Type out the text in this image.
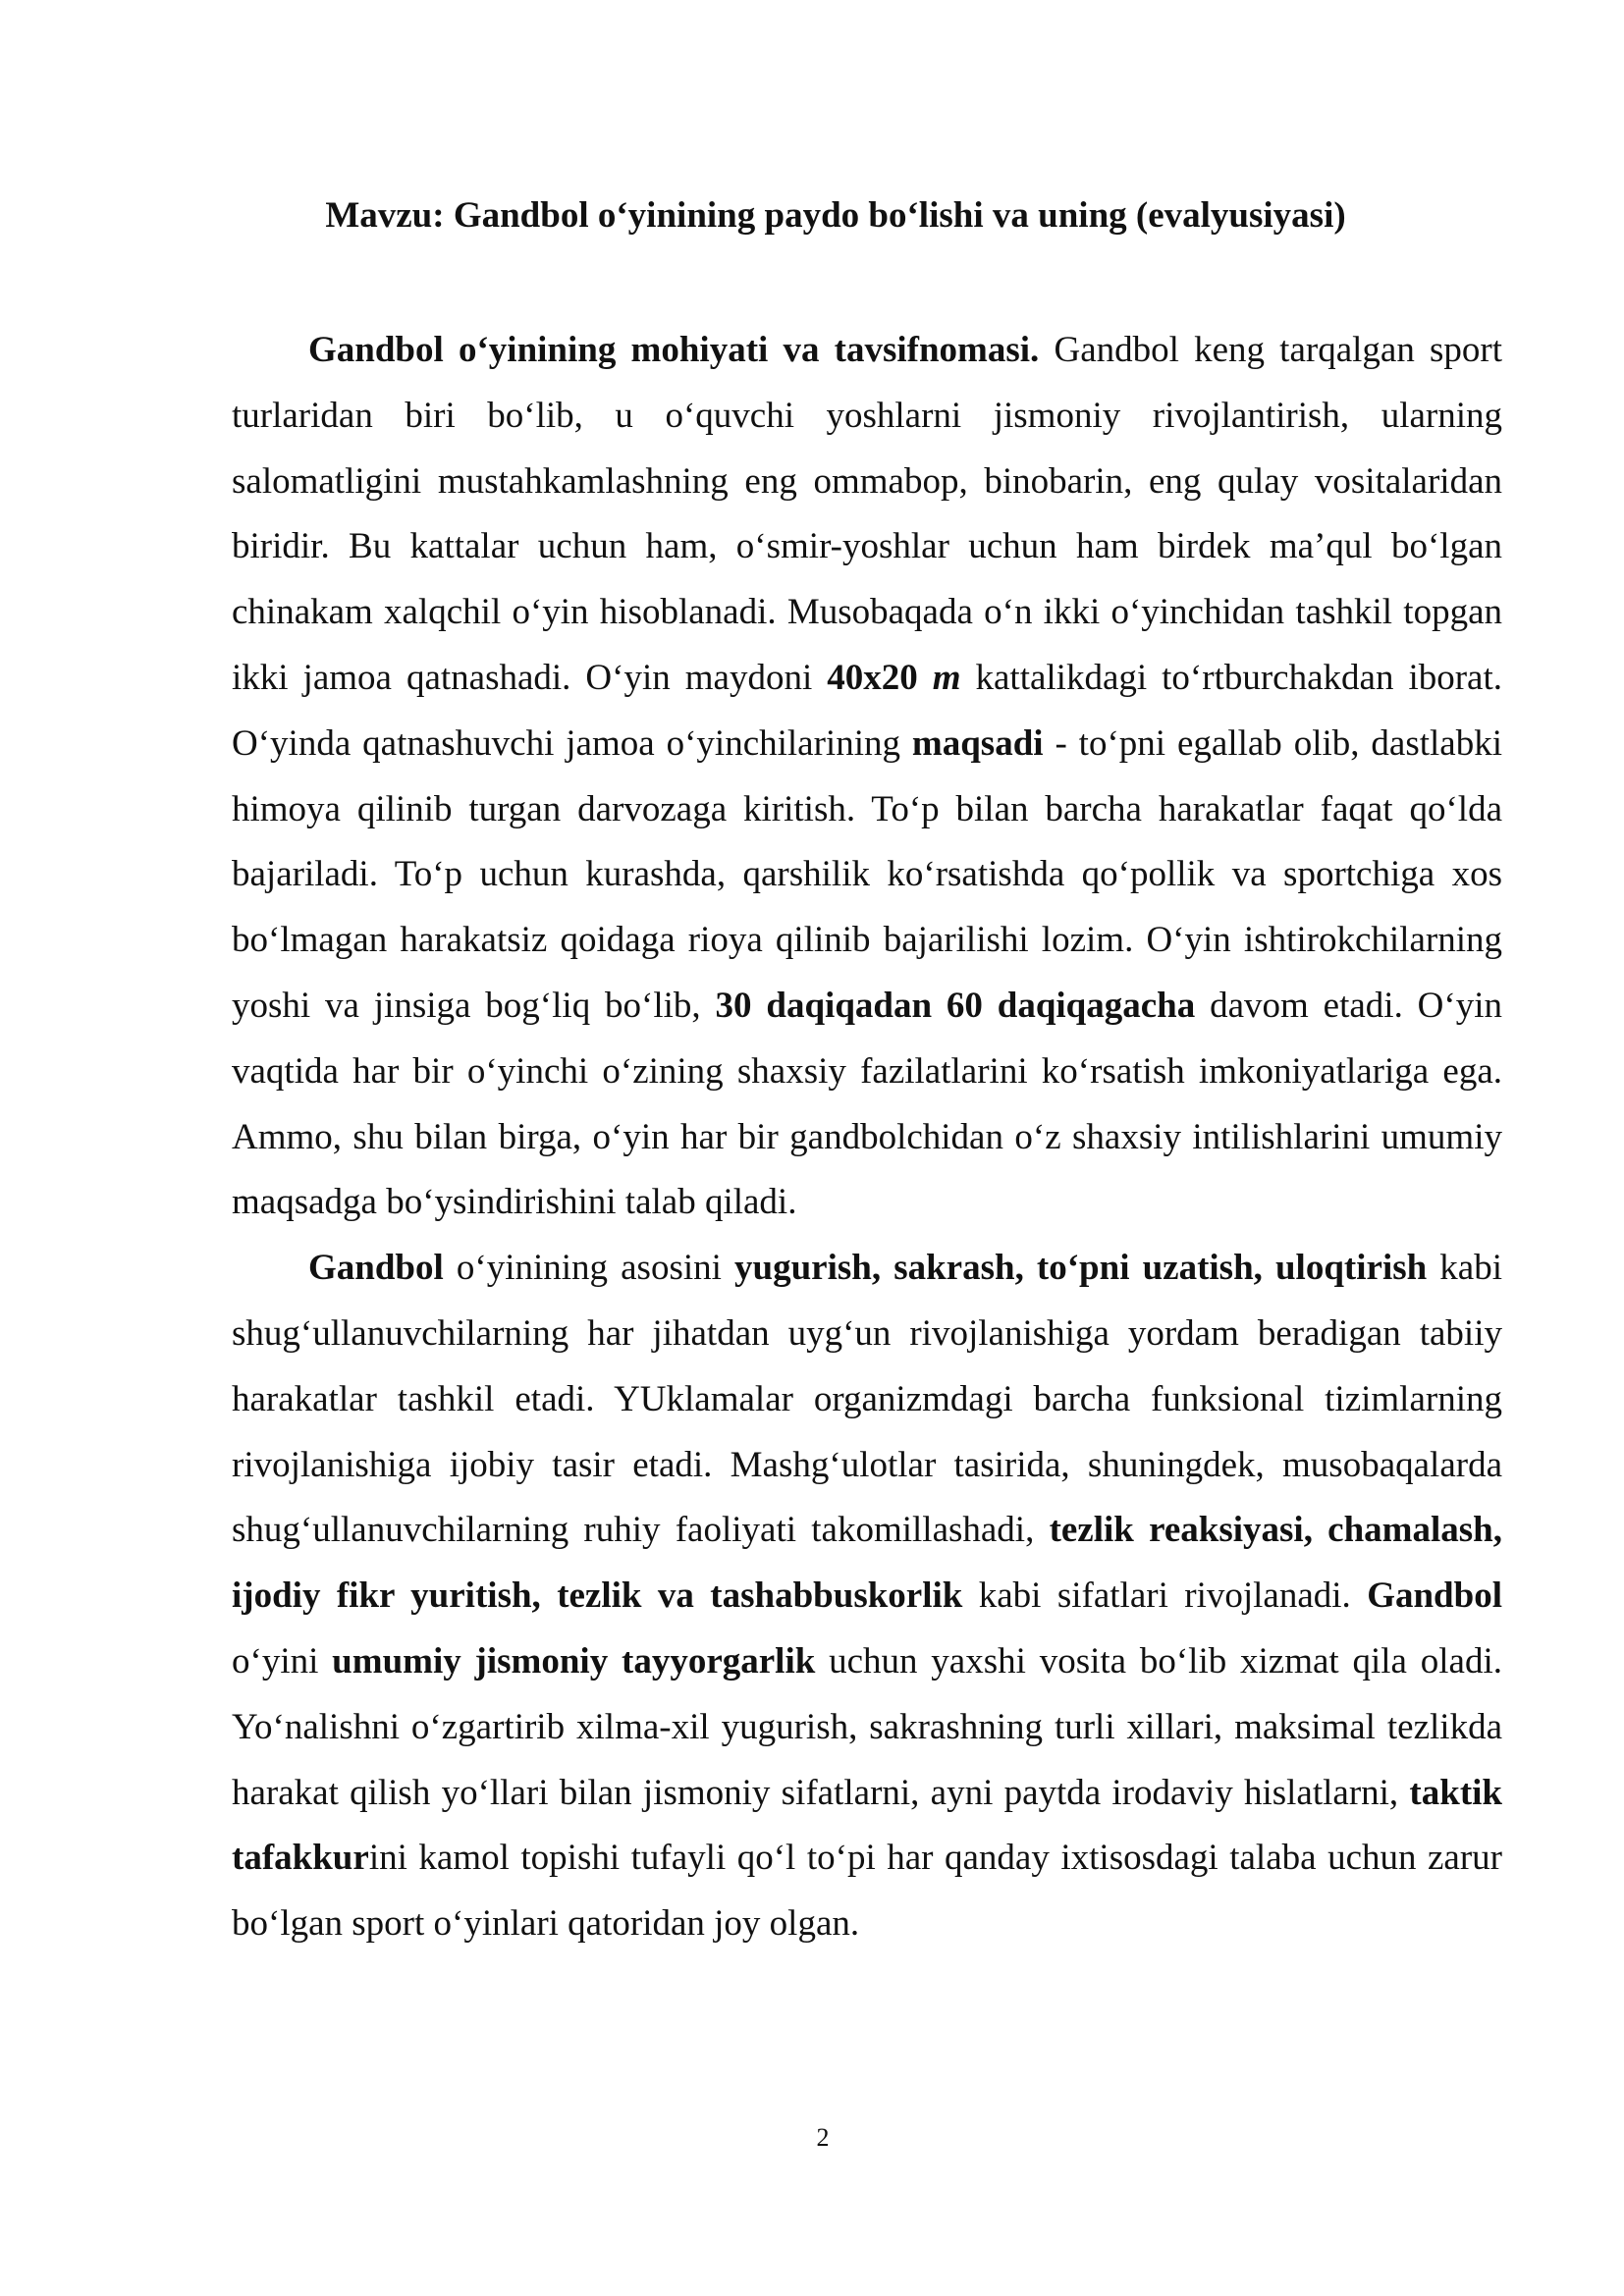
Mavzu: Gandbol o‘yinining paydo bo‘lishi va uning (evalyusiyasi)

Gandbol o‘yinining mohiyati va tavsifnomasi. Gandbol keng tarqalgan sport turlaridan biri bo‘lib, u o‘quvchi yoshlarni jismoniy rivojlantirish, ularning salomatligini mustahkamlashning eng ommabop, binobarin, eng qulay vositalaridan biridir. Bu kattalar uchun ham, o‘smir-yoshlar uchun ham birdek ma’qul bo‘lgan chinakam xalqchil o‘yin hisoblanadi. Musobaqada o‘n ikki o‘yinchidan tashkil topgan ikki jamoa qatnashadi. O‘yin maydoni 40x20 m kattalikdagi to‘rtburchakdan iborat. O‘yinda qatnashuvchi jamoa o‘yinchilarining maqsadi - to‘pni egallab olib, dastlabki himoya qilinib turgan darvozaga kiritish. To‘p bilan barcha harakatlar faqat qo‘lda bajariladi. To‘p uchun kurashda, qarshilik ko‘rsatishda qo‘pollik va sportchiga xos bo‘lmagan harakatsiz qoidaga rioya qilinib bajarilishi lozim. O‘yin ishtirokchilarning yoshi va jinsiga bog‘liq bo‘lib, 30 daqiqadan 60 daqiqagacha davom etadi. O‘yin vaqtida har bir o‘yinchi o‘zining shaxsiy fazilatlarini ko‘rsatish imkoniyatlariga ega. Ammo, shu bilan birga, o‘yin har bir gandbolchidan o‘z shaxsiy intilishlarini umumiy maqsadga bo‘ysindirishini talab qiladi.

Gandbol o‘yinining asosini yugurish, sakrash, to‘pni uzatish, uloqtirish kabi shug‘ullanuvchilarning har jihatdan uyg‘un rivojlanishiga yordam beradigan tabiiy harakatlar tashkil etadi. YUklamalar organizmdagi barcha funksional tizimlarning rivojlanishiga ijobiy tasir etadi. Mashg‘ulotlar tasirida, shuningdek, musobaqalarda shug‘ullanuvchilarning ruhiy faoliyati takomillashadi, tezlik reaksiyasi, chamalash, ijodiy fikr yuritish, tezlik va tashabbuskorlik kabi sifatlari rivojlanadi. Gandbol o‘yini umumiy jismoniy tayyorgarlik uchun yaxshi vosita bo‘lib xizmat qila oladi. Yo‘nalishni o‘zgartirib xilma-xil yugurish, sakrashning turli xillari, maksimal tezlikda harakat qilish yo‘llari bilan jismoniy sifatlarni, ayni paytda irodaviy hislatlarni, taktik tafakkurini kamol topishi tufayli qo‘l to‘pi har qanday ixtisosdagi talaba uchun zarur bo‘lgan sport o‘yinlari qatoridan joy olgan.

2
